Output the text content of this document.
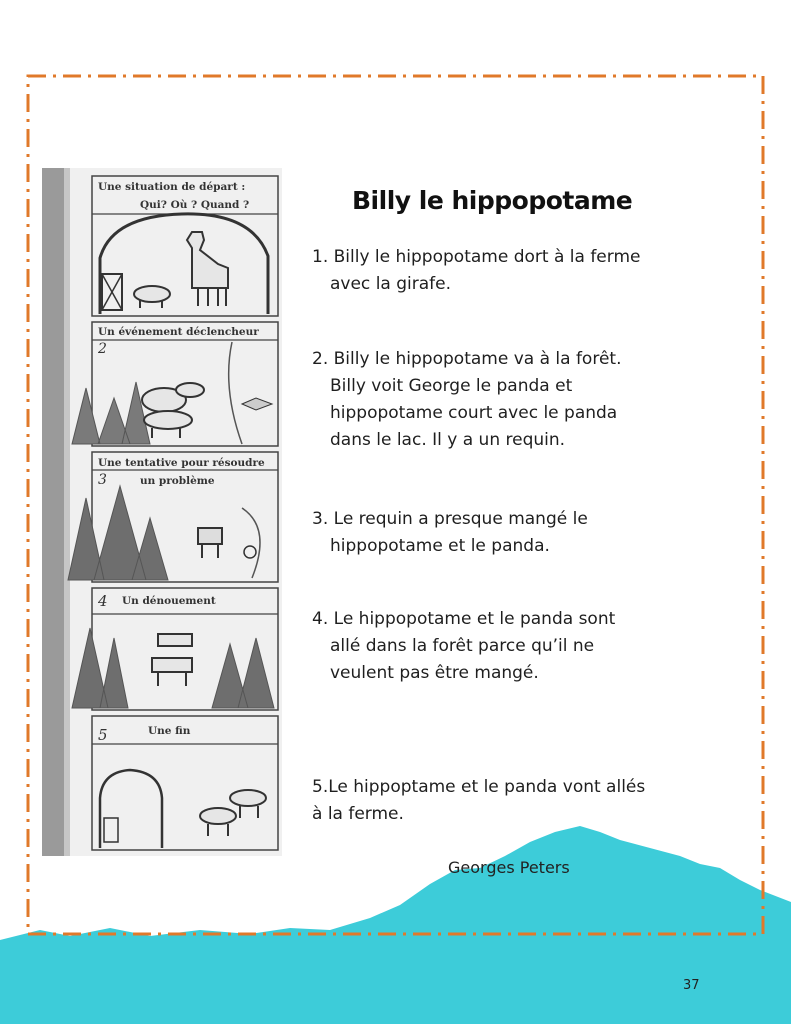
Une situation de départ :
Qui? Où ? Quand ?
Un événement déclencheur
2
Une tentative pour résoudre
un problème
3
4 Un dénouement
5	Une fin
Billy le hippopotame
1. Billy le hippopotame dort à la ferme
avec la girafe.
2. Billy le hippopotame va à la forêt.
Billy voit George le panda et
hippopotame court avec le panda
dans le lac. Il y a un requin.
3. Le requin a presque mangé le
hippopotame et le panda.
4. Le hippopotame et le panda sont
allé dans la forêt parce qu’il ne
veulent pas être mangé.
5.Le hippoptame et le panda vont allés
à la ferme.
Georges Peters
37
